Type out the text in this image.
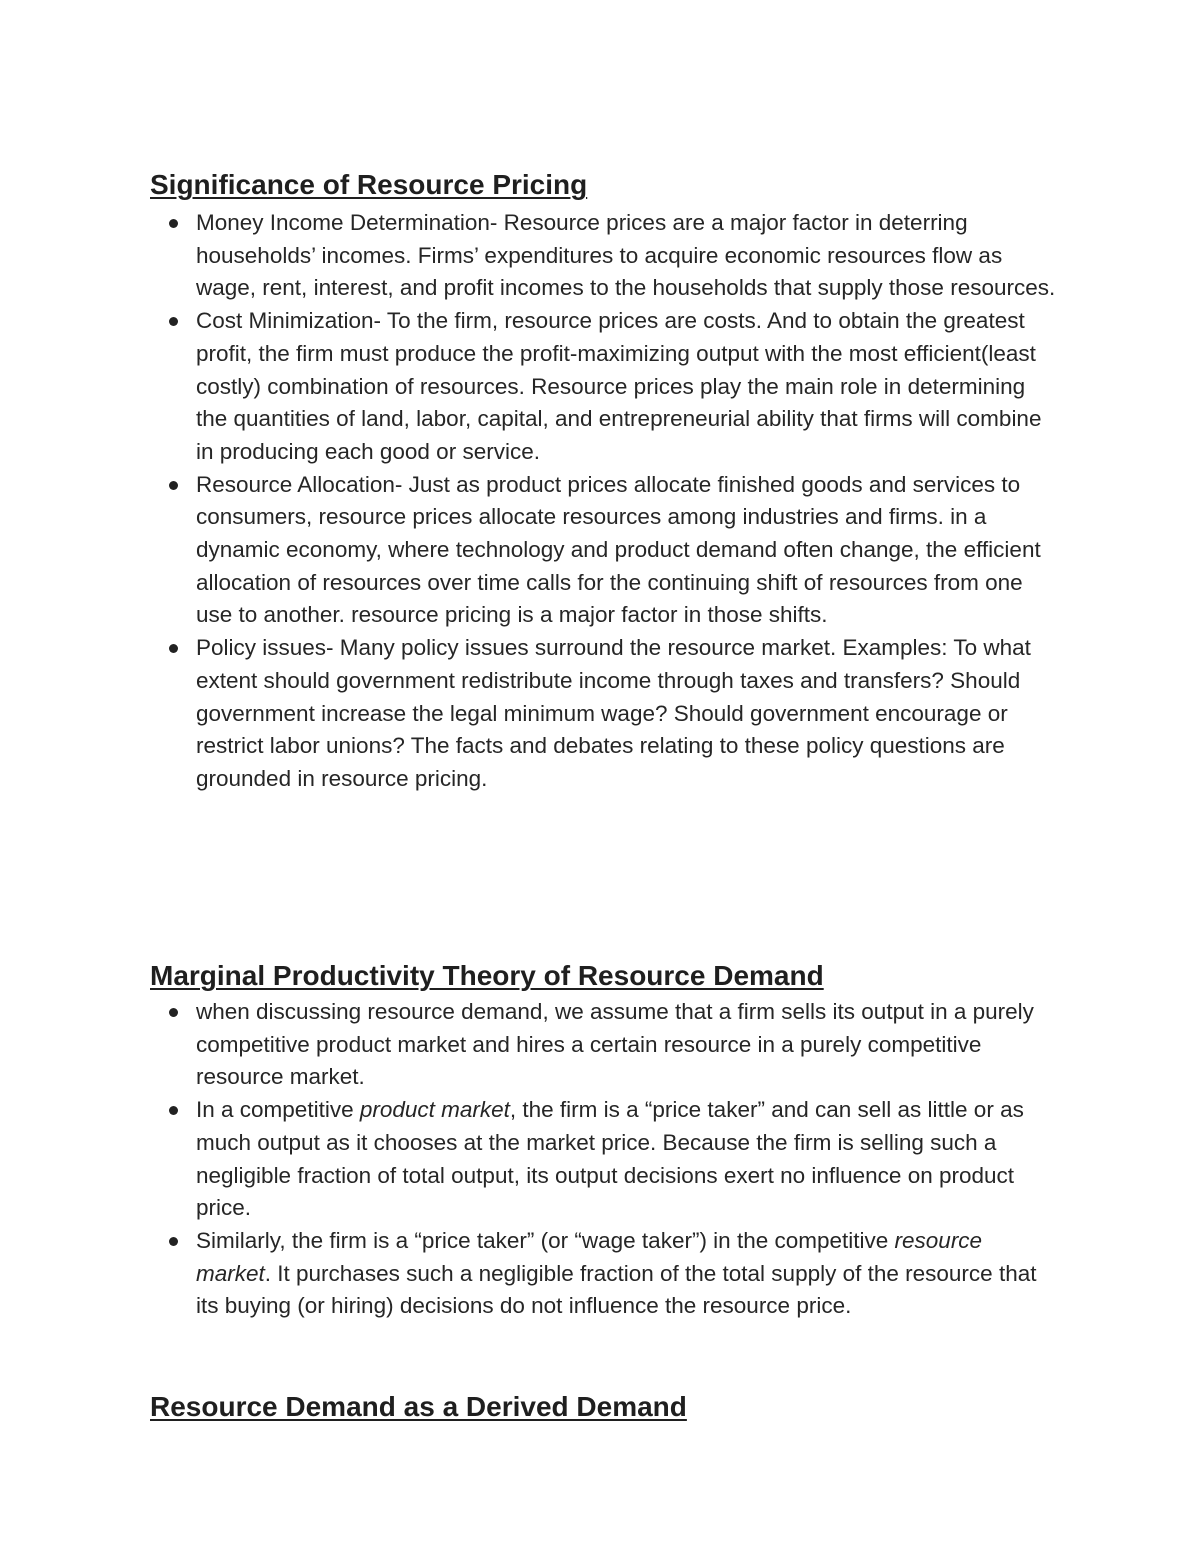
Significance of Resource Pricing
Money Income Determination- Resource prices are a major factor in deterring households’ incomes. Firms’ expenditures to acquire economic resources flow as wage, rent, interest, and profit incomes to the households that supply those resources.
Cost Minimization- To the firm, resource prices are costs. And to obtain the greatest profit, the firm must produce the profit-maximizing output with the most efficient(least costly) combination of resources. Resource prices play the main role in determining the quantities of land, labor, capital, and entrepreneurial ability that firms will combine in producing each good or service.
Resource Allocation- Just as product prices allocate finished goods and services to consumers, resource prices allocate resources among industries and firms. in a dynamic economy, where technology and product demand often change, the efficient allocation of resources over time calls for the continuing shift of resources from one use to another. resource pricing is a major factor in those shifts.
Policy issues- Many policy issues surround the resource market. Examples: To what extent should government redistribute income through taxes and transfers? Should government increase the legal minimum wage? Should government encourage or restrict labor unions? The facts and debates relating to these policy questions are grounded in resource pricing.
Marginal Productivity Theory of Resource Demand
when discussing resource demand, we assume that a firm sells its output in a purely competitive product market and hires a certain resource in a purely competitive resource market.
In a competitive product market, the firm is a “price taker” and can sell as little or as much output as it chooses at the market price. Because the firm is selling such a negligible fraction of total output, its output decisions exert no influence on product price.
Similarly, the firm is a “price taker” (or “wage taker”) in the competitive resource market. It purchases such a negligible fraction of the total supply of the resource that its buying (or hiring) decisions do not influence the resource price.
Resource Demand as a Derived Demand
